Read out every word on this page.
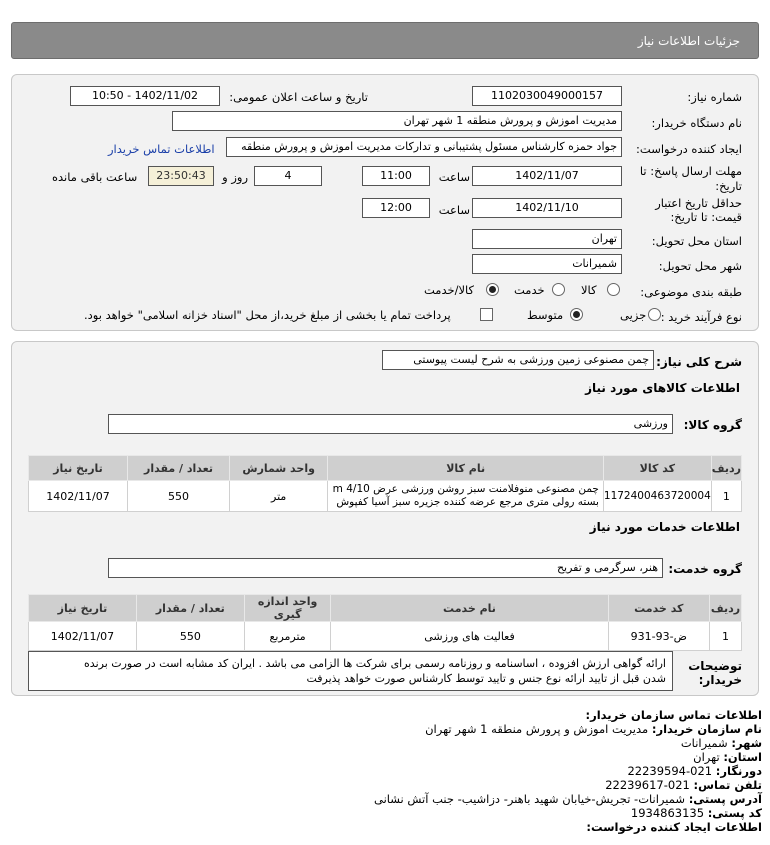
جزئیات اطلاعات نیاز
شماره نیاز:
1102030049000157
تاریخ و ساعت اعلان عمومی:
1402/11/02 - 10:50
نام دستگاه خریدار:
مدیریت اموزش و پرورش منطقه 1 شهر تهران
ایجاد کننده درخواست:
جواد حمزه کارشناس مسئول پشتیبانی و تدارکات مدیریت اموزش و پرورش منطقه
اطلاعات تماس خریدار
مهلت ارسال پاسخ: تا
تاریخ:
1402/11/07
ساعت
11:00
4
روز و
23:50:43
ساعت باقی مانده
حداقل تاریخ اعتبار
قیمت: تا تاریخ:
1402/11/10
ساعت
12:00
استان محل تحویل:
تهران
شهر محل تحویل:
شمیرانات
طبقه بندی موضوعی:
کالا
خدمت
کالا/خدمت
نوع فرآیند خرید :
جزیی
متوسط
پرداخت تمام یا بخشی از مبلغ خرید،از محل "اسناد خزانه اسلامی" خواهد بود.
شرح کلی نیاز:
چمن مصنوعی زمین ورزشی به شرح لیست پیوستی
اطلاعات کالاهای مورد نیاز
گروه کالا:
ورزشی
ردیف	کد کالا	نام کالا	واحد شمارش	تعداد / مقدار	تاریخ نیاز
1	1172400463720004	چمن مصنوعی منوفلامنت سبز روشن ورزشی عرض m 4/10
بسته رولی متری مرجع عرضه کننده جزیره سبز آسیا کفپوش	متر	550	1402/11/07
اطلاعات خدمات مورد نیاز
گروه خدمت:
هنر، سرگرمی و تفریح
ردیف	کد خدمت	نام خدمت	واحد اندازه گیری	تعداد / مقدار	تاریخ نیاز
1	ض-93-931	فعالیت های ورزشی	مترمربع	550	1402/11/07
توضیحات
خریدار:
ارائه گواهی ارزش افزوده ، اساسنامه و روزنامه رسمی برای شرکت ها الزامی می باشد . ایران کد مشابه است در صورت برنده
شدن قبل از تایید ارائه نوع جنس و تایید توسط کارشناس صورت خواهد پذیرفت
اطلاعات تماس سازمان خریدار:
نام سازمان خریدار: مدیریت اموزش و پرورش منطقه 1 شهر تهران
شهر: شمیرانات
استان: تهران
دورنگار: 021-22239594
تلفن تماس: 021-22239617
آدرس پستی: شمیرانات- تجریش-خیابان شهید باهنر- دزاشیب- جنب آتش نشانی
کد پستی: 1934863135
اطلاعات ایجاد کننده درخواست:
